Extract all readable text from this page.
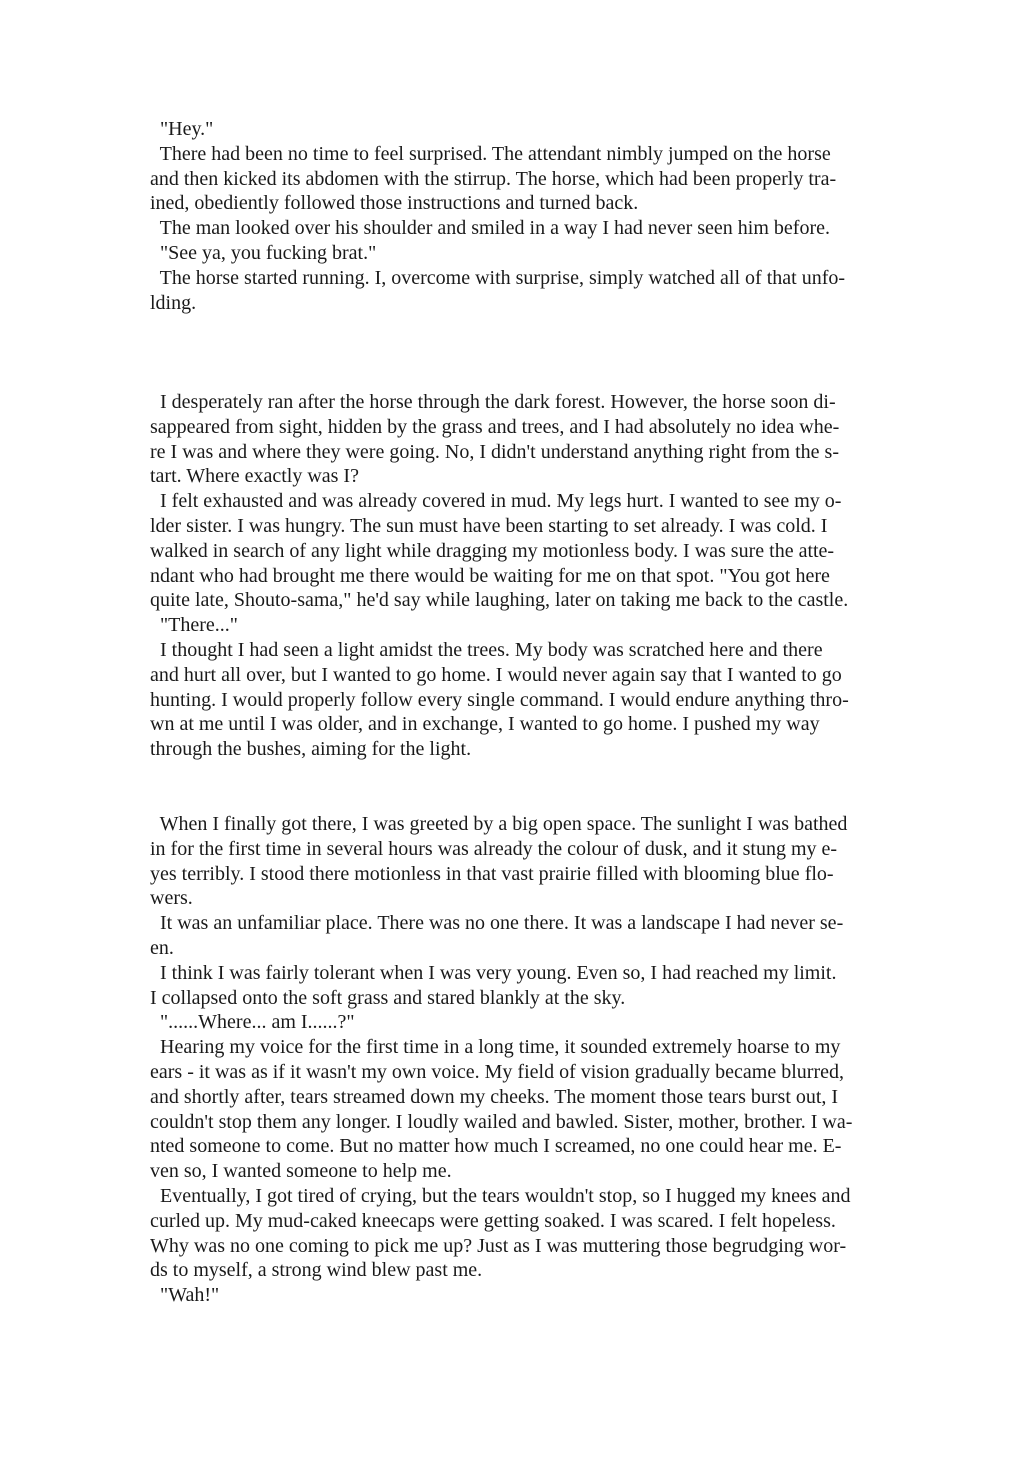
"Hey."
There had been no time to feel surprised. The attendant nimbly jumped on the horse
and then kicked its abdomen with the stirrup. The horse, which had been properly tra-
ined, obediently followed those instructions and turned back.
The man looked over his shoulder and smiled in a way I had never seen him before.
"See ya, you fucking brat."
The horse started running. I, overcome with surprise, simply watched all of that unfo-
lding.
I desperately ran after the horse through the dark forest. However, the horse soon di-
sappeared from sight, hidden by the grass and trees, and I had absolutely no idea whe-
re I was and where they were going. No, I didn't understand anything right from the s-
tart. Where exactly was I?
I felt exhausted and was already covered in mud. My legs hurt. I wanted to see my o-
lder sister. I was hungry. The sun must have been starting to set already. I was cold. I
walked in search of any light while dragging my motionless body. I was sure the atte-
ndant who had brought me there would be waiting for me on that spot. "You got here
quite late, Shouto-sama," he'd say while laughing, later on taking me back to the castle.
"There..."
I thought I had seen a light amidst the trees. My body was scratched here and there
and hurt all over, but I wanted to go home. I would never again say that I wanted to go
hunting. I would properly follow every single command. I would endure anything thro-
wn at me until I was older, and in exchange, I wanted to go home. I pushed my way
through the bushes, aiming for the light.
When I finally got there, I was greeted by a big open space. The sunlight I was bathed
in for the first time in several hours was already the colour of dusk, and it stung my e-
yes terribly. I stood there motionless in that vast prairie filled with blooming blue flo-
wers.
It was an unfamiliar place. There was no one there. It was a landscape I had never se-
en.
I think I was fairly tolerant when I was very young. Even so, I had reached my limit.
I collapsed onto the soft grass and stared blankly at the sky.
"......Where... am I......?"
Hearing my voice for the first time in a long time, it sounded extremely hoarse to my
ears - it was as if it wasn't my own voice. My field of vision gradually became blurred,
and shortly after, tears streamed down my cheeks. The moment those tears burst out, I
couldn't stop them any longer. I loudly wailed and bawled. Sister, mother, brother. I wa-
nted someone to come. But no matter how much I screamed, no one could hear me. E-
ven so, I wanted someone to help me.
Eventually, I got tired of crying, but the tears wouldn't stop, so I hugged my knees and
curled up. My mud-caked kneecaps were getting soaked. I was scared. I felt hopeless.
Why was no one coming to pick me up? Just as I was muttering those begrudging wor-
ds to myself, a strong wind blew past me.
"Wah!"
